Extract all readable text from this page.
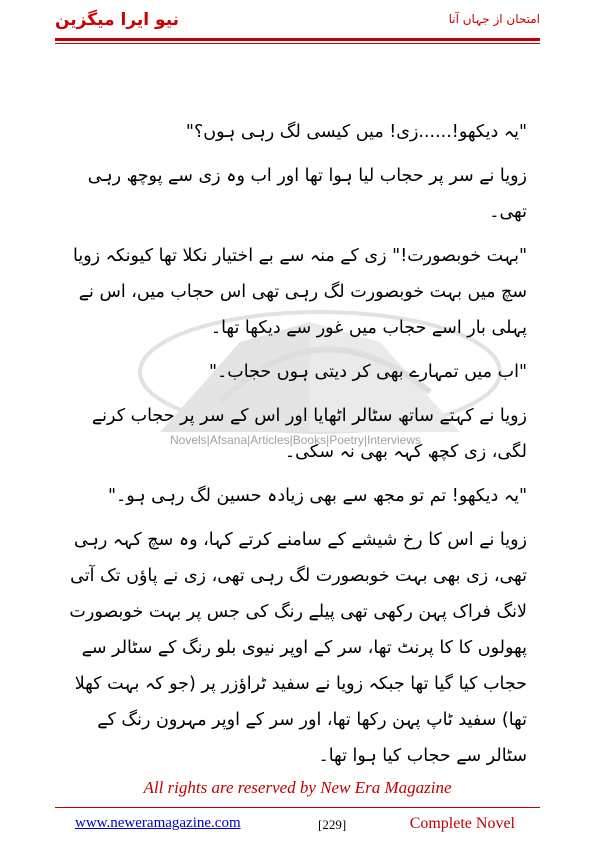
نیو ایرا میگزین	امتحان از جہاں آنا
Novels|Afsana|Articles|Books|Poetry|Interviews

"یہ دیکھو!......زی! میں کیسی لگ رہی ہوں؟"

زویا نے سر پر حجاب لیا ہوا تھا اور اب وہ زی سے پوچھ رہی تھی۔

"بہت خوبصورت!" زی کے منہ سے بے اختیار نکلا تھا کیونکہ زویا سچ میں بہت خوبصورت لگ رہی تھی اس حجاب میں، اس نے پہلی بار اسے حجاب میں غور سے دیکھا تھا۔

"اب میں تمہارے بھی کر دیتی ہوں حجاب۔"

زویا نے کہتے ساتھ سٹالر اٹھایا اور اس کے سر پر حجاب کرنے لگی، زی کچھ کہہ بھی نہ سکی۔

"یہ دیکھو! تم تو مجھ سے بھی زیادہ حسین لگ رہی ہو۔"

زویا نے اس کا رخ شیشے کے سامنے کرتے کہا، وہ سچ کہہ رہی تھی، زی بھی بہت خوبصورت لگ رہی تھی، زی نے پاؤں تک آتی لانگ فراک پہن رکھی تھی پیلے رنگ کی جس پر بہت خوبصورت پھولوں کا کا پرنٹ تھا، سر کے اوپر نیوی بلو رنگ کے سٹالر سے حجاب کیا گیا تھا جبکہ زویا نے سفید ٹراؤزر پر (جو کہ بہت کھلا تھا) سفید ٹاپ پہن رکھا تھا، اور سر کے اوپر مہرون رنگ کے سٹالر سے حجاب کیا ہوا تھا۔

All rights are reserved by New Era Magazine
www.neweramagazine.com	[229]	Complete Novel
